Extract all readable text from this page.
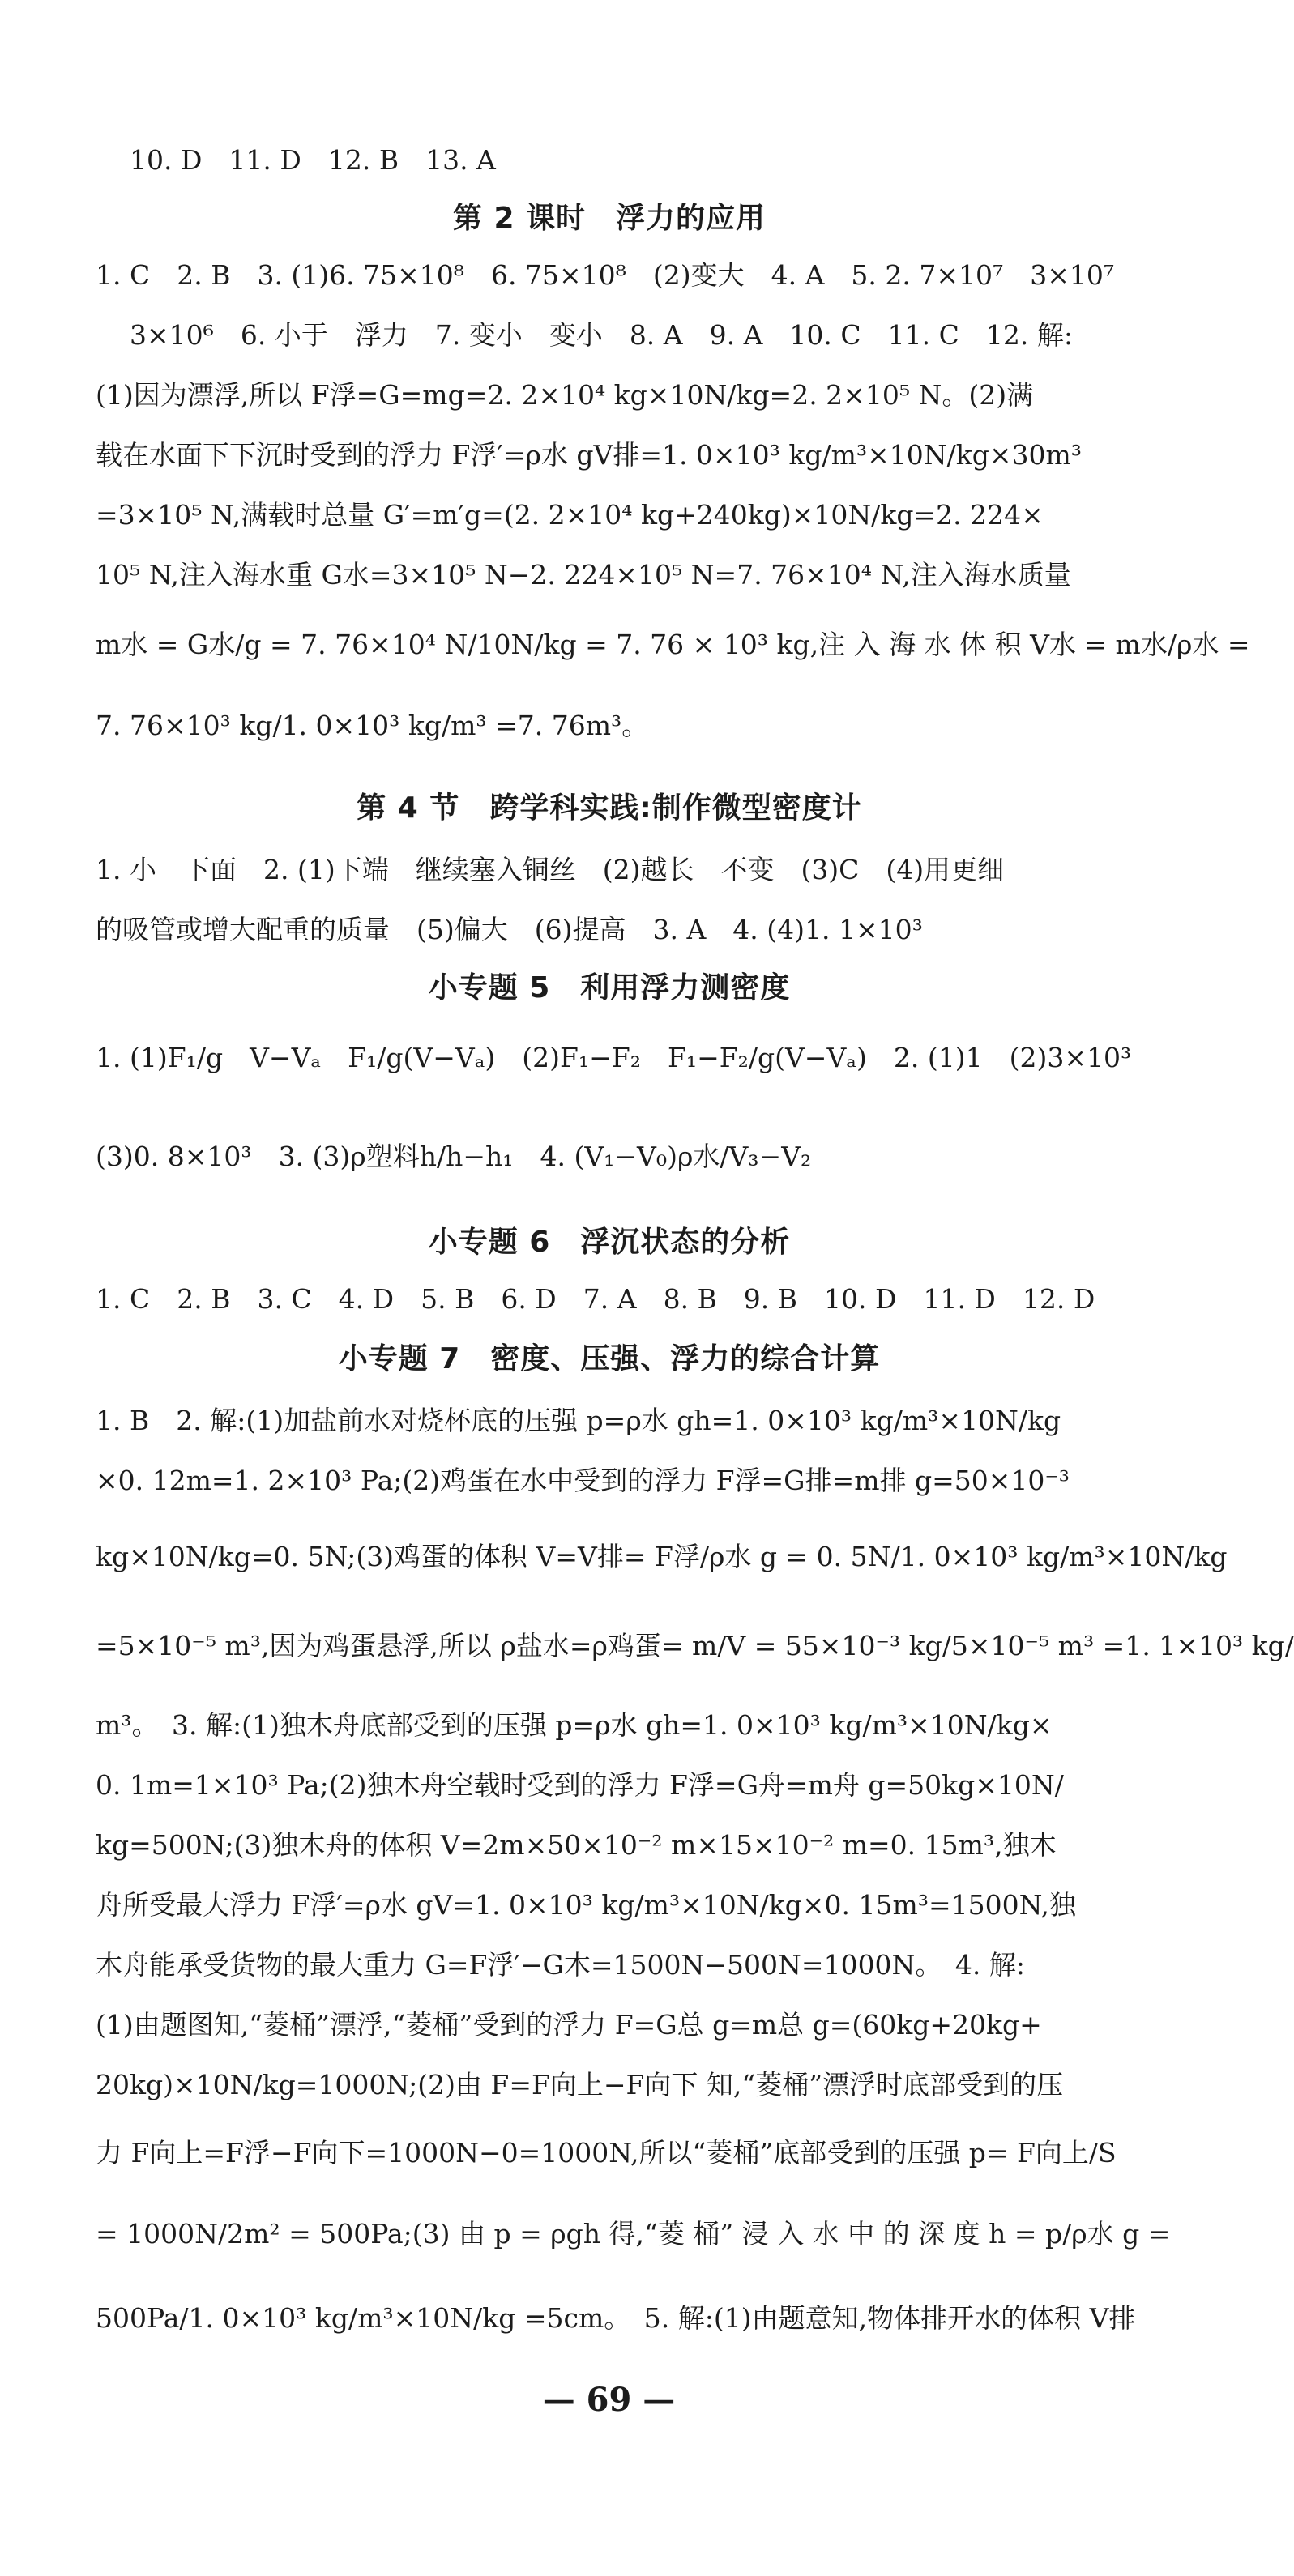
10. D　11. D　12. B　13. A
第 2 课时　浮力的应用
1. C　2. B　3. (1)6. 75×10⁸　6. 75×10⁸　(2)变大　4. A　5. 2. 7×10⁷　3×10⁷
3×10⁶　6. 小于　浮力　7. 变小　变小　8. A　9. A　10. C　11. C　12. 解:
(1)因为漂浮,所以 F浮=G=mg=2. 2×10⁴ kg×10N/kg=2. 2×10⁵ N。(2)满
载在水面下下沉时受到的浮力 F浮′=ρ水 gV排=1. 0×10³ kg/m³×10N/kg×30m³
=3×10⁵ N,满载时总量 G′=m′g=(2. 2×10⁴ kg+240kg)×10N/kg=2. 224×
10⁵ N,注入海水重 G水=3×10⁵ N−2. 224×10⁵ N=7. 76×10⁴ N,注入海水质量
m水 = G水/g = 7. 76×10⁴ N/10N/kg = 7. 76 × 10³ kg,注 入 海 水 体 积 V水 = m水/ρ水 =
7. 76×10³ kg/1. 0×10³ kg/m³ =7. 76m³。
第 4 节　跨学科实践:制作微型密度计
1. 小　下面　2. (1)下端　继续塞入铜丝　(2)越长　不变　(3)C　(4)用更细
的吸管或增大配重的质量　(5)偏大　(6)提高　3. A　4. (4)1. 1×10³
小专题 5　利用浮力测密度
1. (1)F₁/g　V−Vₐ　F₁/g(V−Vₐ)　(2)F₁−F₂　F₁−F₂/g(V−Vₐ)　2. (1)1　(2)3×10³
(3)0. 8×10³　3. (3)ρ塑料h/h−h₁　4. (V₁−V₀)ρ水/V₃−V₂
小专题 6　浮沉状态的分析
1. C　2. B　3. C　4. D　5. B　6. D　7. A　8. B　9. B　10. D　11. D　12. D
小专题 7　密度、压强、浮力的综合计算
1. B　2. 解:(1)加盐前水对烧杯底的压强 p=ρ水 gh=1. 0×10³ kg/m³×10N/kg
×0. 12m=1. 2×10³ Pa;(2)鸡蛋在水中受到的浮力 F浮=G排=m排 g=50×10⁻³
kg×10N/kg=0. 5N;(3)鸡蛋的体积 V=V排= F浮/ρ水 g = 0. 5N/1. 0×10³ kg/m³×10N/kg
=5×10⁻⁵ m³,因为鸡蛋悬浮,所以 ρ盐水=ρ鸡蛋= m/V = 55×10⁻³ kg/5×10⁻⁵ m³ =1. 1×10³ kg/
m³。　3. 解:(1)独木舟底部受到的压强 p=ρ水 gh=1. 0×10³ kg/m³×10N/kg×
0. 1m=1×10³ Pa;(2)独木舟空载时受到的浮力 F浮=G舟=m舟 g=50kg×10N/
kg=500N;(3)独木舟的体积 V=2m×50×10⁻² m×15×10⁻² m=0. 15m³,独木
舟所受最大浮力 F浮′=ρ水 gV=1. 0×10³ kg/m³×10N/kg×0. 15m³=1500N,独
木舟能承受货物的最大重力 G=F浮′−G木=1500N−500N=1000N。　4. 解:
(1)由题图知,“菱桶”漂浮,“菱桶”受到的浮力 F=G总 g=m总 g=(60kg+20kg+
20kg)×10N/kg=1000N;(2)由 F=F向上−F向下 知,“菱桶”漂浮时底部受到的压
力 F向上=F浮−F向下=1000N−0=1000N,所以“菱桶”底部受到的压强 p= F向上/S
= 1000N/2m² = 500Pa;(3) 由 p = ρgh 得,“菱 桶” 浸 入 水 中 的 深 度 h = p/ρ水 g =
500Pa/1. 0×10³ kg/m³×10N/kg =5cm。　5. 解:(1)由题意知,物体排开水的体积 V排
— 69 —
